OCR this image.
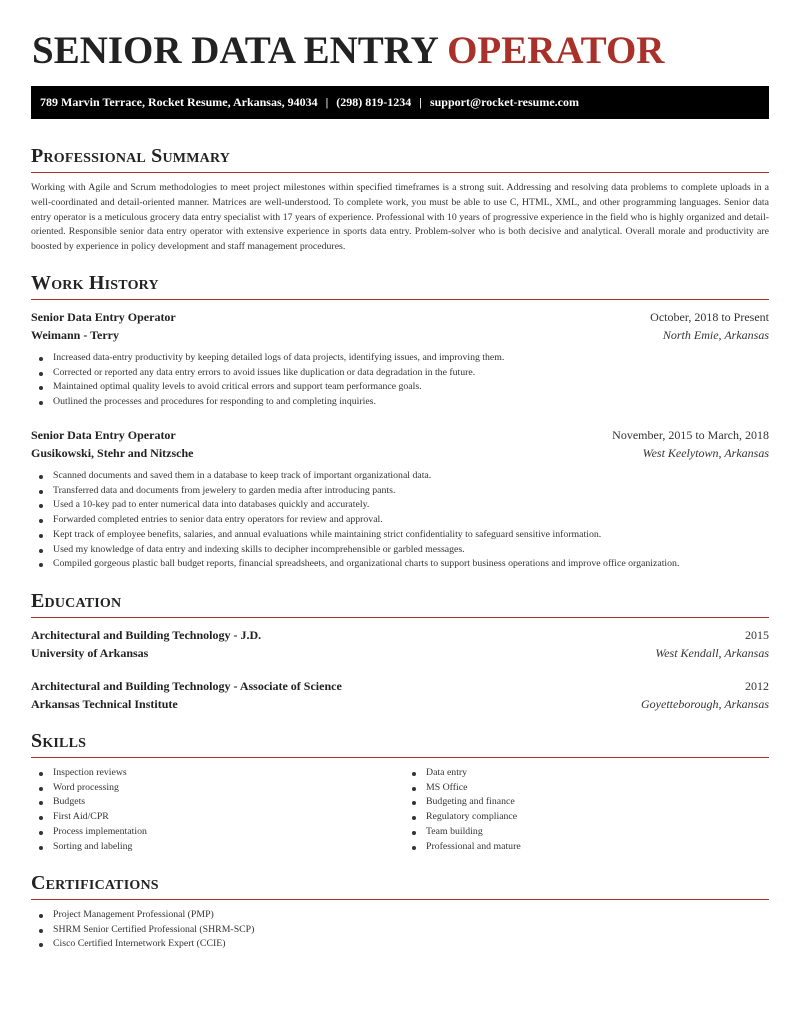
SENIOR DATA ENTRY OPERATOR
789 Marvin Terrace, Rocket Resume, Arkansas, 94034 | (298) 819-1234 | support@rocket-resume.com
Professional Summary

Working with Agile and Scrum methodologies to meet project milestones within specified timeframes is a strong suit. Addressing and resolving data problems to complete uploads in a well-coordinated and detail-oriented manner. Matrices are well-understood. To complete work, you must be able to use C, HTML, XML, and other programming languages. Senior data entry operator is a meticulous grocery data entry specialist with 17 years of experience. Professional with 10 years of progressive experience in the field who is highly organized and detail-oriented. Responsible senior data entry operator with extensive experience in sports data entry. Problem-solver who is both decisive and analytical. Overall morale and productivity are boosted by experience in policy development and staff management procedures.

Work History
Senior Data Entry Operator	October, 2018 to Present
Weimann - Terry	North Emie, Arkansas
Increased data-entry productivity by keeping detailed logs of data projects, identifying issues, and improving them.
Corrected or reported any data entry errors to avoid issues like duplication or data degradation in the future.
Maintained optimal quality levels to avoid critical errors and support team performance goals.
Outlined the processes and procedures for responding to and completing inquiries.
Senior Data Entry Operator	November, 2015 to March, 2018
Gusikowski, Stehr and Nitzsche	West Keelytown, Arkansas
Scanned documents and saved them in a database to keep track of important organizational data.
Transferred data and documents from jewelery to garden media after introducing pants.
Used a 10-key pad to enter numerical data into databases quickly and accurately.
Forwarded completed entries to senior data entry operators for review and approval.
Kept track of employee benefits, salaries, and annual evaluations while maintaining strict confidentiality to safeguard sensitive information.
Used my knowledge of data entry and indexing skills to decipher incomprehensible or garbled messages.
Compiled gorgeous plastic ball budget reports, financial spreadsheets, and organizational charts to support business operations and improve office organization.
Education
Architectural and Building Technology - J.D.	2015
University of Arkansas	West Kendall, Arkansas
Architectural and Building Technology - Associate of Science	2012
Arkansas Technical Institute	Goyetteborough, Arkansas
Skills
Inspection reviews
Word processing
Budgets
First Aid/CPR
Process implementation
Sorting and labeling
Data entry
MS Office
Budgeting and finance
Regulatory compliance
Team building
Professional and mature
Certifications
Project Management Professional (PMP)
SHRM Senior Certified Professional (SHRM-SCP)
Cisco Certified Internetwork Expert (CCIE)
